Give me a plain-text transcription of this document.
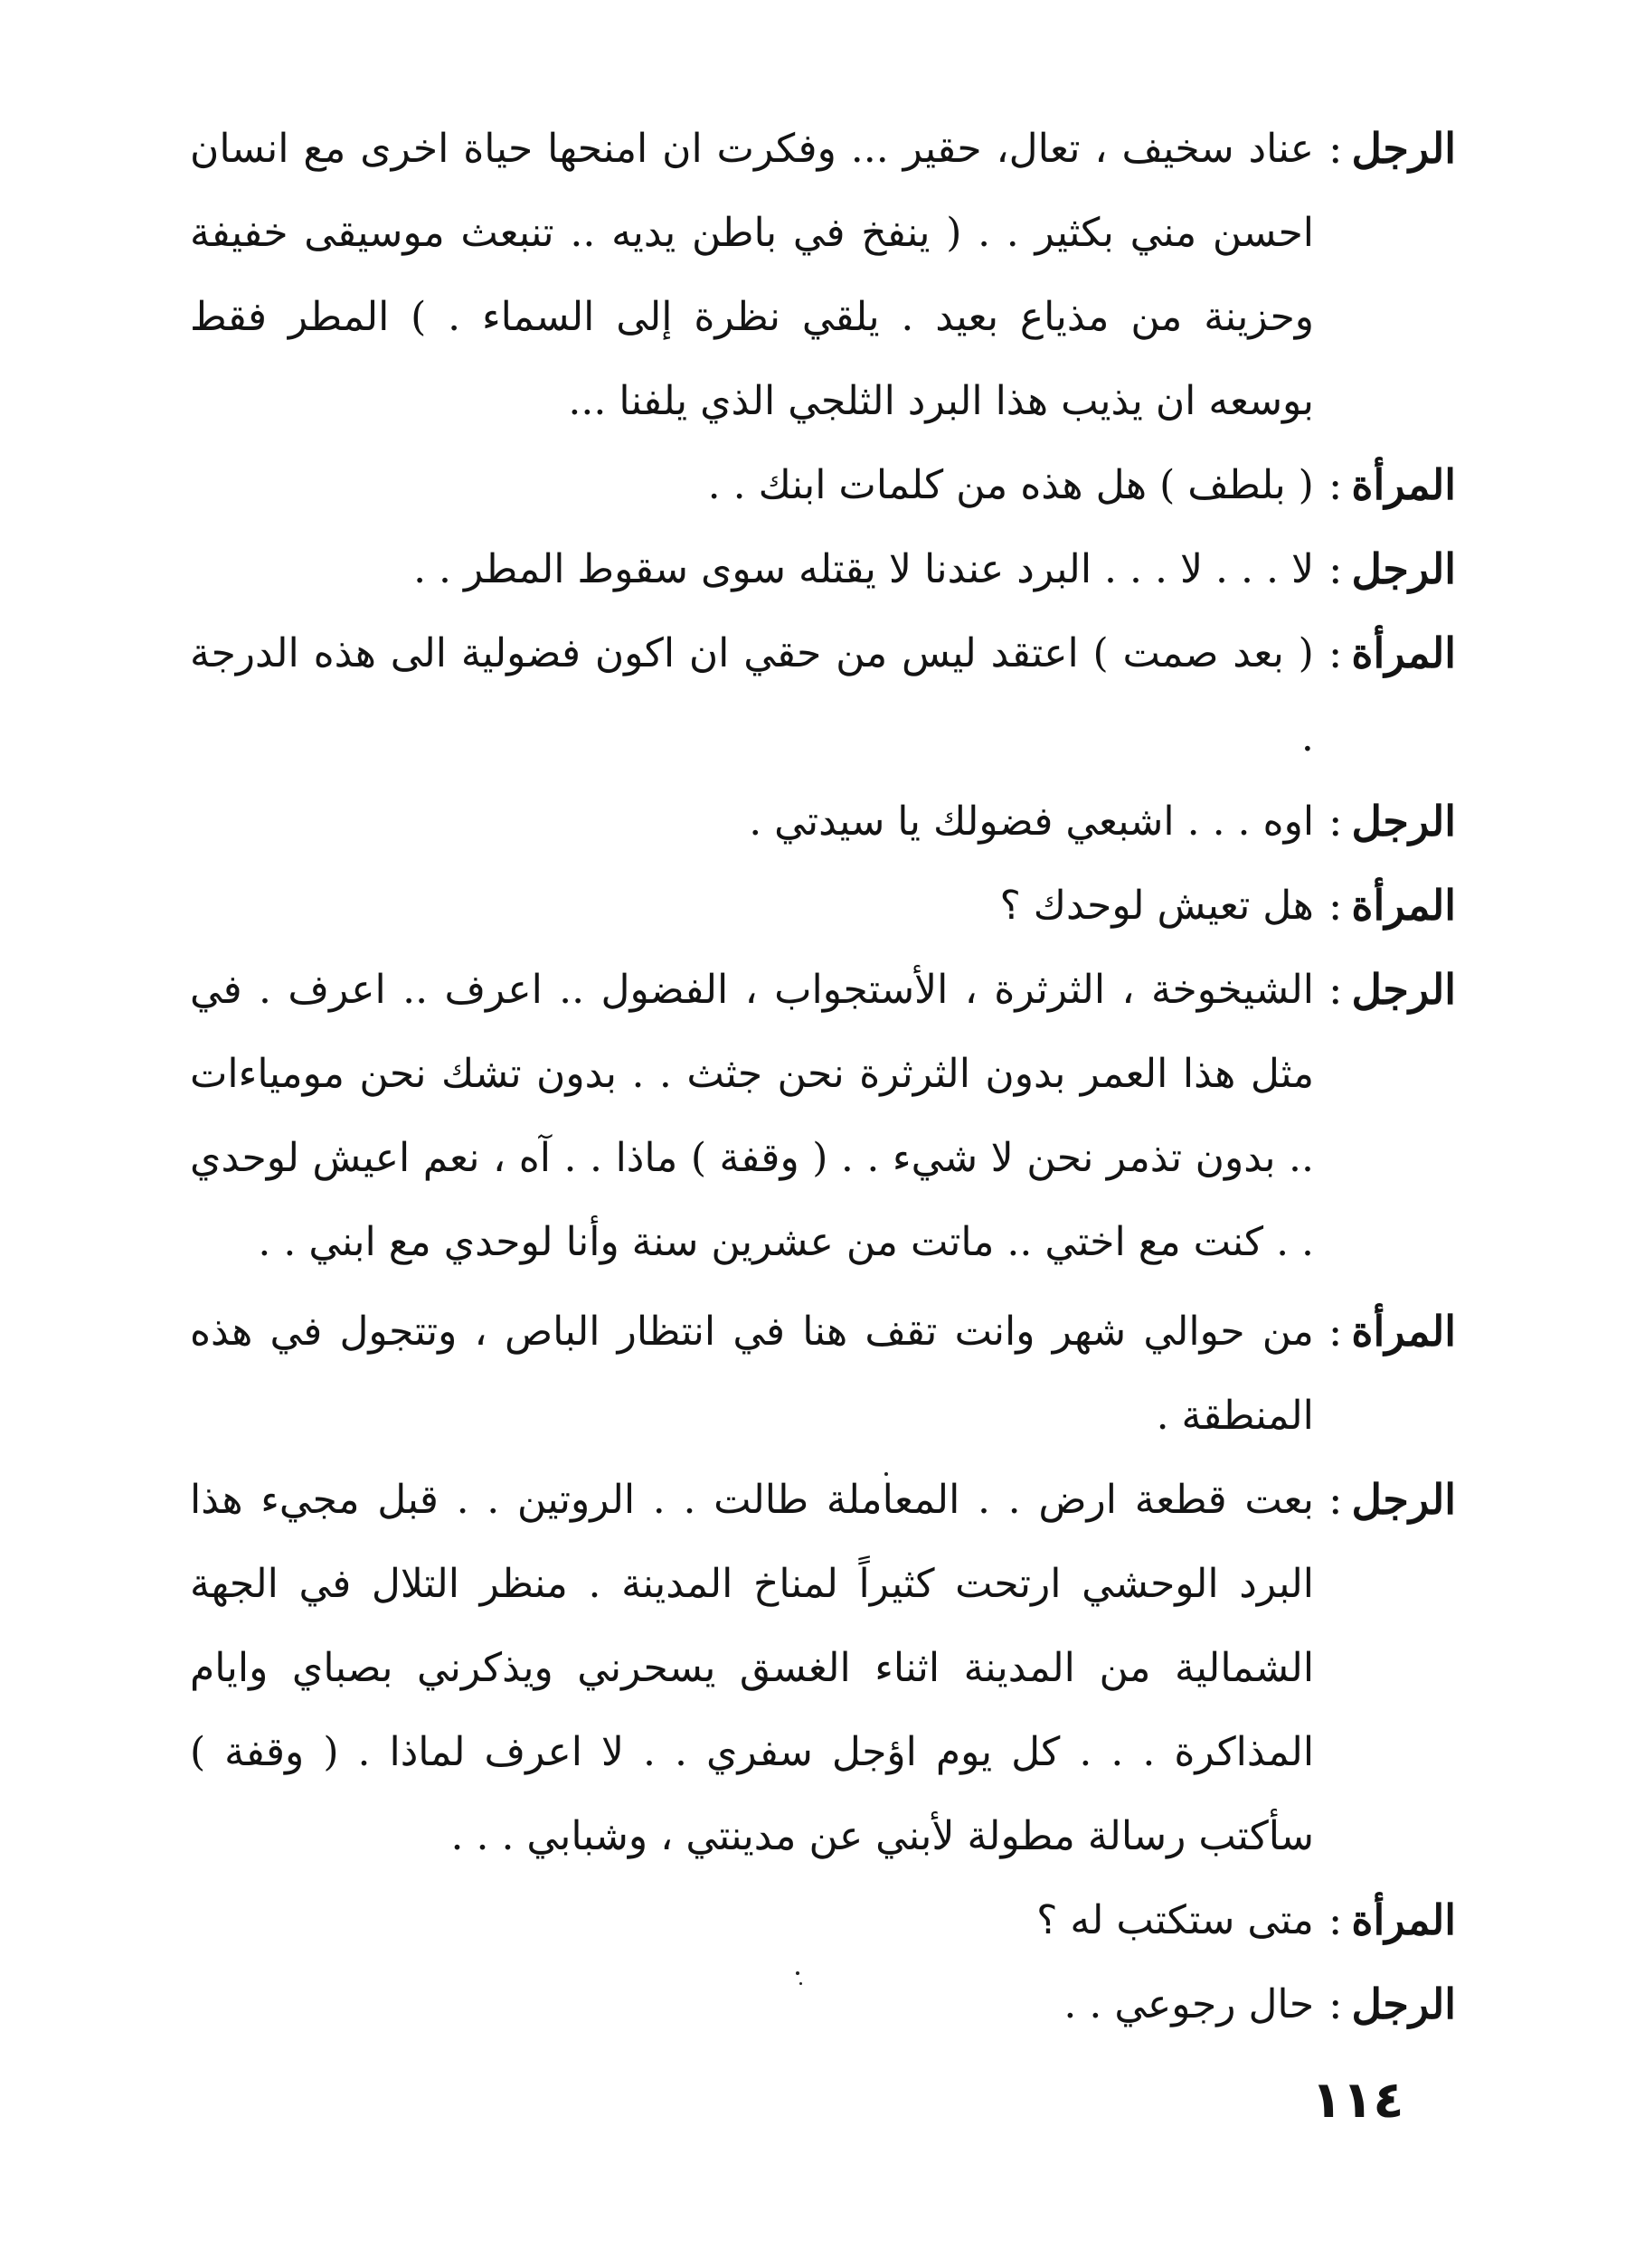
الرجل:
عناد سخيف ، تعال، حقير ... وفكرت ان امنحها حياة اخرى مع انسان احسن مني بكثير . . ( ينفخ في باطن يديه .. تنبعث موسيقى خفيفة وحزينة من مذياع بعيد . يلقي نظرة إلى السماء . ) المطر فقط بوسعه ان يذيب هذا البرد الثلجي الذي يلفنا ...
المرأة:
( بلطف ) هل هذه من كلمات ابنك . .
الرجل:
لا . . . لا . . . البرد عندنا لا يقتله سوى سقوط المطر . .
المرأة:
( بعد صمت ) اعتقد ليس من حقي ان اكون فضولية الى هذه الدرجة .
الرجل:
اوه . . . اشبعي فضولك يا سيدتي .
المرأة:
هل تعيش لوحدك ؟
الرجل:
الشيخوخة ، الثرثرة ، الأستجواب ، الفضول .. اعرف .. اعرف . في مثل هذا العمر بدون الثرثرة نحن جثث . . بدون تشك نحن مومياءات .. بدون تذمر نحن لا شيء . . ( وقفة ) ماذا . . آه ، نعم اعيش لوحدي . . كنت مع اختي .. ماتت من عشرين سنة وأنا لوحدي مع ابني . .
المرأة:
من حوالي شهر وانت تقف هنا في انتظار الباص ، وتتجول في هذه المنطقة .
الرجل:
بعت قطعة ارض . . المعاملة طالت . . الروتين . . قبل مجيء هذا البرد الوحشي ارتحت كثيراً لمناخ المدينة . منظر التلال في الجهة الشمالية من المدينة اثناء الغسق يسحرني ويذكرني بصباي وايام المذاكرة . . . كل يوم اؤجل سفري . . لا اعرف لماذا . ( وقفة ) سأكتب رسالة مطولة لأبني عن مدينتي ، وشبابي . . .
المرأة:
متى ستكتب له ؟
الرجل:
حال رجوعي . .
١١٤
